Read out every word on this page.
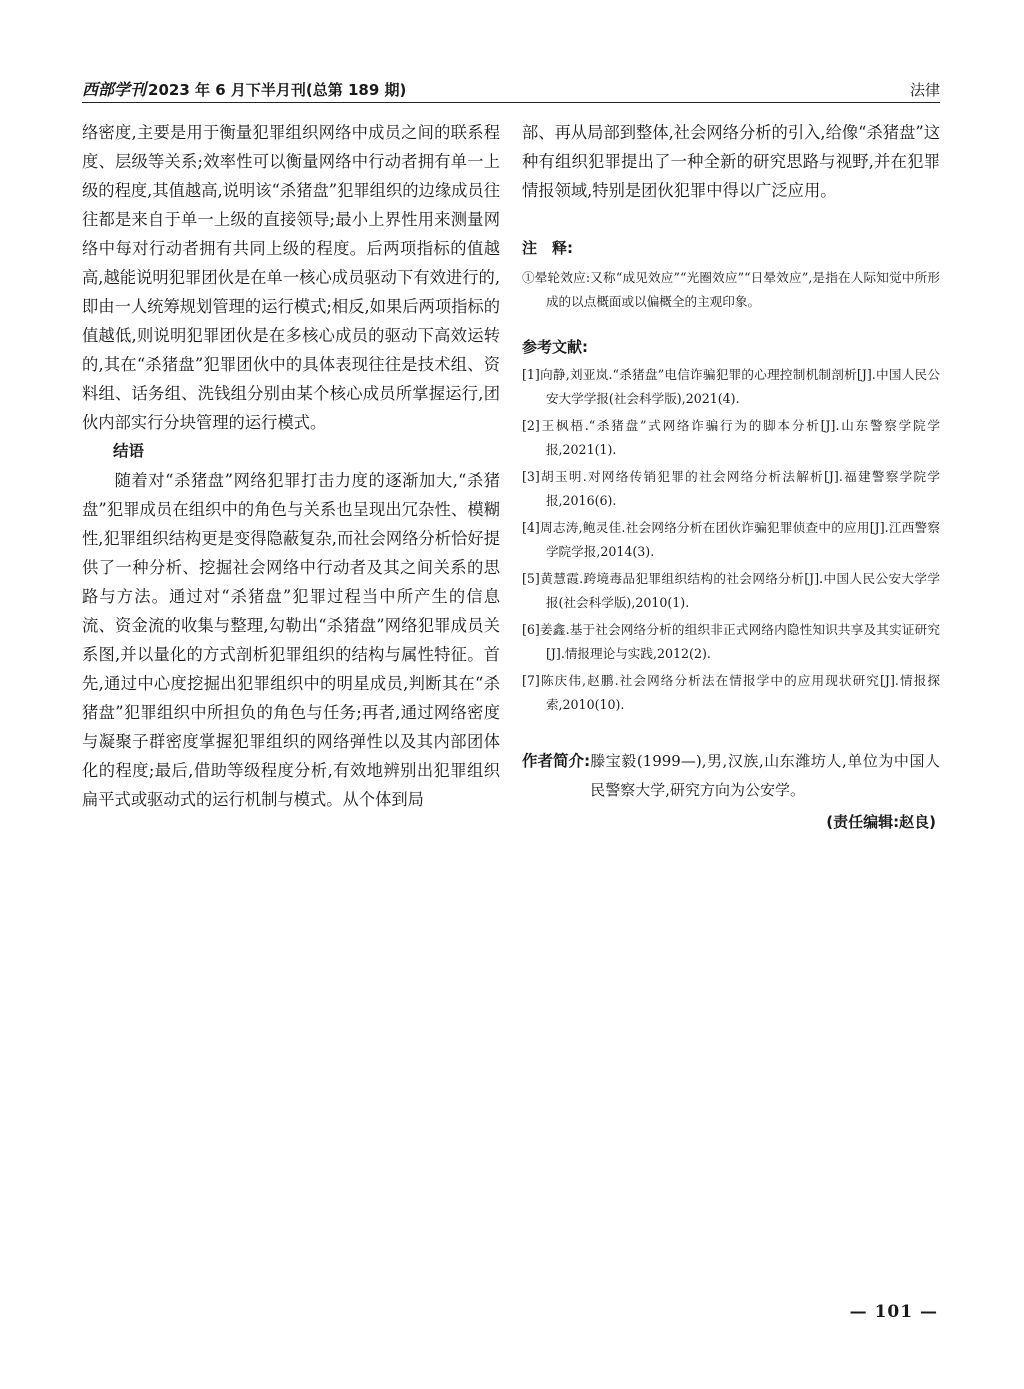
西部学刊 2023 年 6 月下半月刊(总第 189 期)	法律

络密度,主要是用于衡量犯罪组织网络中成员之间的联系程度、层级等关系;效率性可以衡量网络中行动者拥有单一上级的程度,其值越高,说明该“杀猪盘”犯罪组织的边缘成员往往都是来自于单一上级的直接领导;最小上界性用来测量网络中每对行动者拥有共同上级的程度。后两项指标的值越高,越能说明犯罪团伙是在单一核心成员驱动下有效进行的,即由一人统筹规划管理的运行模式;相反,如果后两项指标的值越低,则说明犯罪团伙是在多核心成员的驱动下高效运转的,其在“杀猪盘”犯罪团伙中的具体表现往往是技术组、资料组、话务组、洗钱组分别由某个核心成员所掌握运行,团伙内部实行分块管理的运行模式。

结语

随着对“杀猪盘”网络犯罪打击力度的逐渐加大,“杀猪盘”犯罪成员在组织中的角色与关系也呈现出冗杂性、模糊性,犯罪组织结构更是变得隐蔽复杂,而社会网络分析恰好提供了一种分析、挖掘社会网络中行动者及其之间关系的思路与方法。通过对“杀猪盘”犯罪过程当中所产生的信息流、资金流的收集与整理,勾勒出“杀猪盘”网络犯罪成员关系图,并以量化的方式剖析犯罪组织的结构与属性特征。首先,通过中心度挖掘出犯罪组织中的明星成员,判断其在“杀猪盘”犯罪组织中所担负的角色与任务;再者,通过网络密度与凝聚子群密度掌握犯罪组织的网络弹性以及其内部团体化的程度;最后,借助等级程度分析,有效地辨别出犯罪组织扁平式或驱动式的运行机制与模式。从个体到局

部、再从局部到整体,社会网络分析的引入,给像“杀猪盘”这种有组织犯罪提出了一种全新的研究思路与视野,并在犯罪情报领域,特别是团伙犯罪中得以广泛应用。

注　释:

①晕轮效应:又称“成见效应”“光圈效应”“日晕效应”,是指在人际知觉中所形成的以点概面或以偏概全的主观印象。

参考文献:

[1]向静,刘亚岚.“杀猪盘”电信诈骗犯罪的心理控制机制剖析[J].中国人民公安大学学报(社会科学版),2021(4).

[2]王枫梧.“杀猪盘”式网络诈骗行为的脚本分析[J].山东警察学院学报,2021(1).

[3]胡玉明.对网络传销犯罪的社会网络分析法解析[J].福建警察学院学报,2016(6).

[4]周志涛,鲍灵佳.社会网络分析在团伙诈骗犯罪侦查中的应用[J].江西警察学院学报,2014(3).

[5]黄慧霞.跨境毒品犯罪组织结构的社会网络分析[J].中国人民公安大学学报(社会科学版),2010(1).

[6]姜鑫.基于社会网络分析的组织非正式网络内隐性知识共享及其实证研究[J].情报理论与实践,2012(2).

[7]陈庆伟,赵鹏.社会网络分析法在情报学中的应用现状研究[J].情报探索,2010(10).

作者简介: 滕宝毅(1999—),男,汉族,山东潍坊人,单位为中国人民警察大学,研究方向为公安学。
(责任编辑:赵良)
— 101 —
